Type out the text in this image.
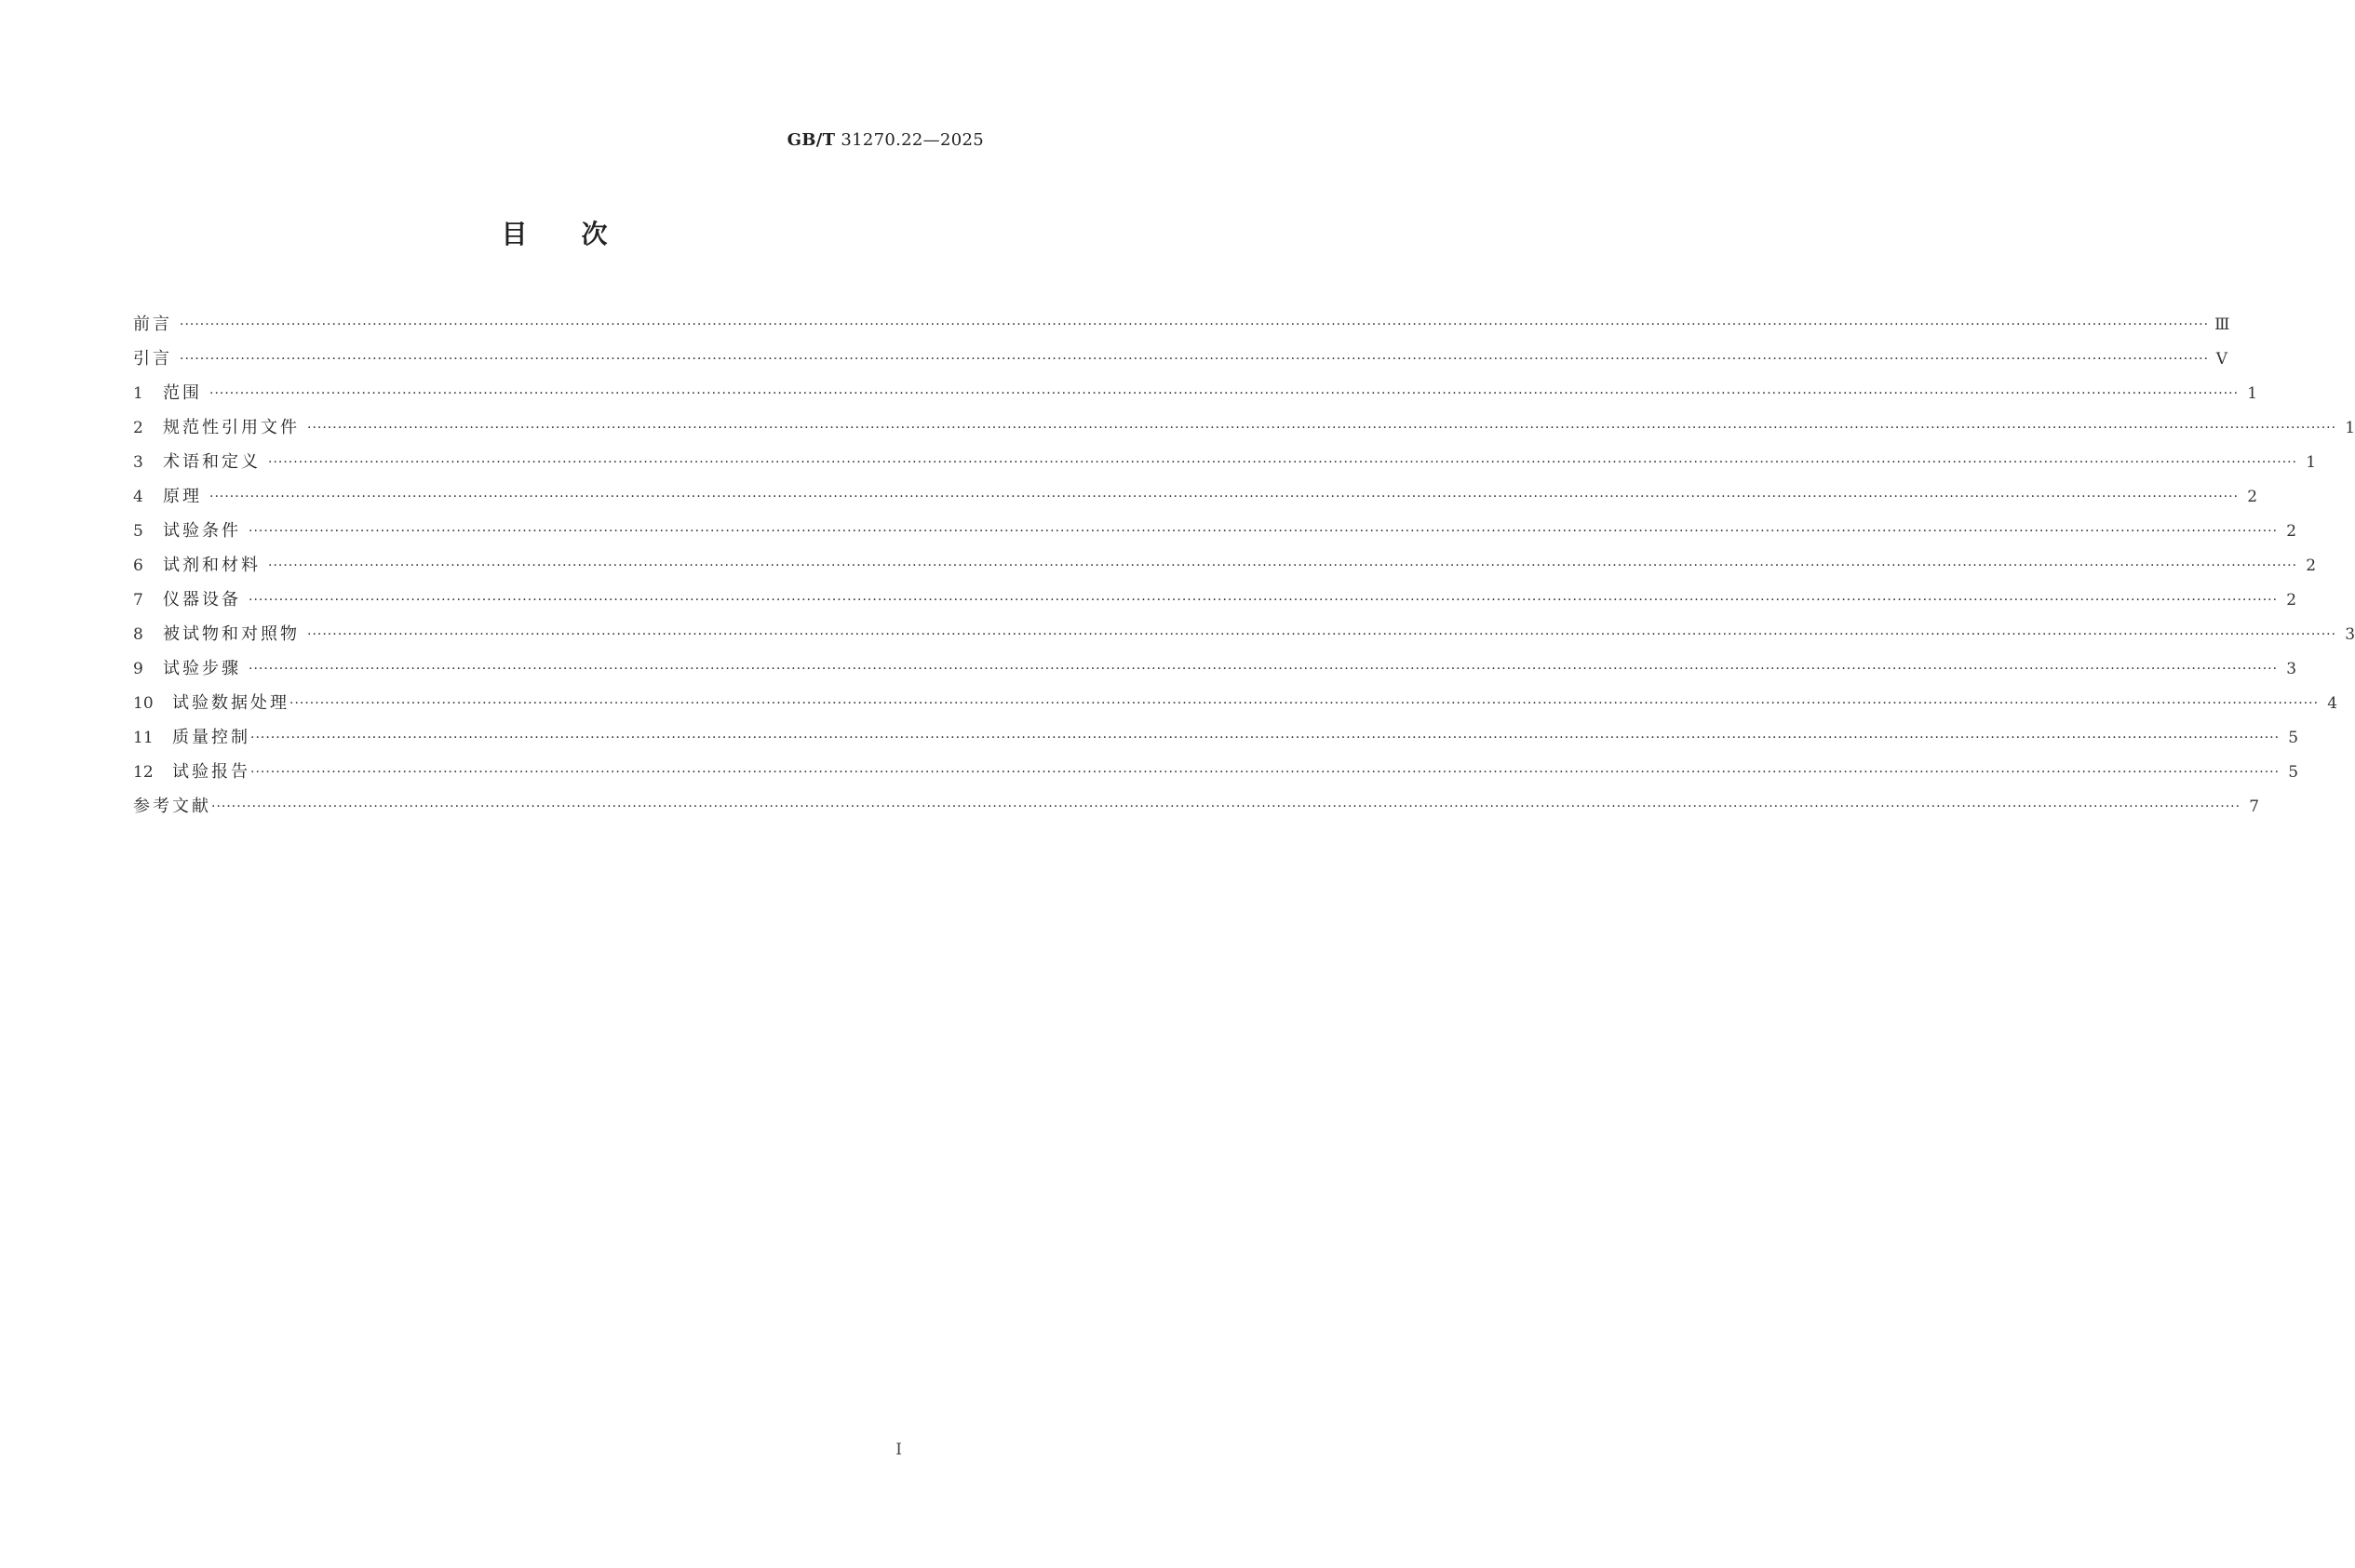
GB/T 31270.22—2025
目次
前言 ················································································································································································································································································································································································································ Ⅲ
引言 ················································································································································································································································································································································································································ Ⅴ
1	范围 ················································································································································································································································································································································································································ 1
2	规范性引用文件 ················································································································································································································································································································································································································ 1
3	术语和定义 ················································································································································································································································································································································································································ 1
4	原理 ················································································································································································································································································································································································································ 2
5	试验条件 ················································································································································································································································································································································································································ 2
6	试剂和材料 ················································································································································································································································································································································································································ 2
7	仪器设备 ················································································································································································································································································································································································································ 2
8	被试物和对照物 ················································································································································································································································································································································································································ 3
9	试验步骤 ················································································································································································································································································································································································································ 3
10	试验数据处理 ················································································································································································································································································································································································································ 4
11	质量控制 ················································································································································································································································································································································································································ 5
12	试验报告 ················································································································································································································································································································································································································ 5
参考文献 ················································································································································································································································································································································································································ 7
Ⅰ
